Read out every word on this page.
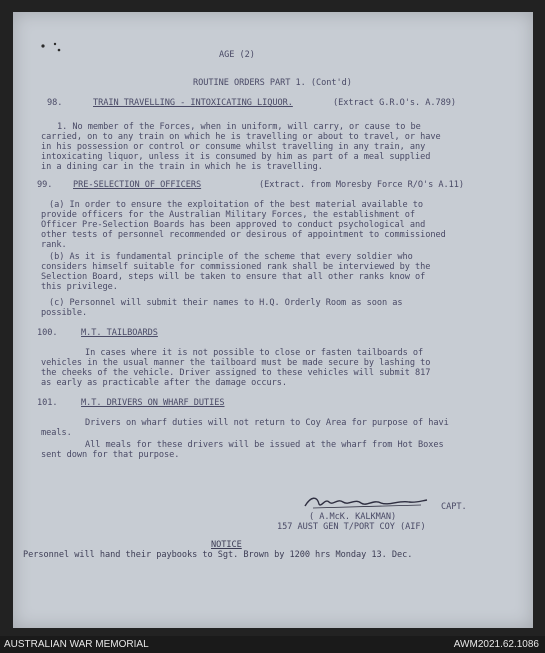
AGE (2)
ROUTINE ORDERS PART 1. (Cont'd)
98.	TRAIN TRAVELLING - INTOXICATING LIQUOR.	(Extract G.R.O's. A.789)
1. No member of the Forces, when in uniform, will carry, or cause to be
carried, on to any train on which he is travelling or about to travel, or have
in his possession or control or consume whilst travelling in any train, any
intoxicating liquor, unless it is consumed by him as part of a meal supplied
in a dining car in the train in which he is travelling.
99. PRE-SELECTION OF OFFICERS	(Extract. from Moresby Force R/O's A.11)
(a) In order to ensure the exploitation of the best material available to
provide officers for the Australian Military Forces, the establishment of
Officer Pre-Selection Boards has been approved to conduct psychological and
other tests of personnel recommended or desirous of appointment to commissioned
rank.
(b) As it is fundamental principle of the scheme that every soldier who
considers himself suitable for commissioned rank shall be interviewed by the
Selection Board, steps will be taken to ensure that all other ranks know of
this privilege.
(c) Personnel will submit their names to H.Q. Orderly Room as soon as
possible.
100.	M.T. TAILBOARDS
In cases where it is not possible to close or fasten tailboards of
vehicles in the usual manner the tailboard must be made secure by lashing to
the cheeks of the vehicle. Driver assigned to these vehicles will submit 817
as early as practicable after the damage occurs.
101.	M.T. DRIVERS ON WHARF DUTIES
Drivers on wharf duties will not return to Coy Area for purpose of havi
meals.
All meals for these drivers will be issued at the wharf from Hot Boxes
sent down for that purpose.
CAPT.
( A.McK. KALKMAN)
157 AUST GEN T/PORT COY (AIF)
NOTICE
Personnel will hand their paybooks to Sgt. Brown by 1200 hrs Monday 13. Dec.
AUSTRALIAN WAR MEMORIAL	AWM2021.62.1086
